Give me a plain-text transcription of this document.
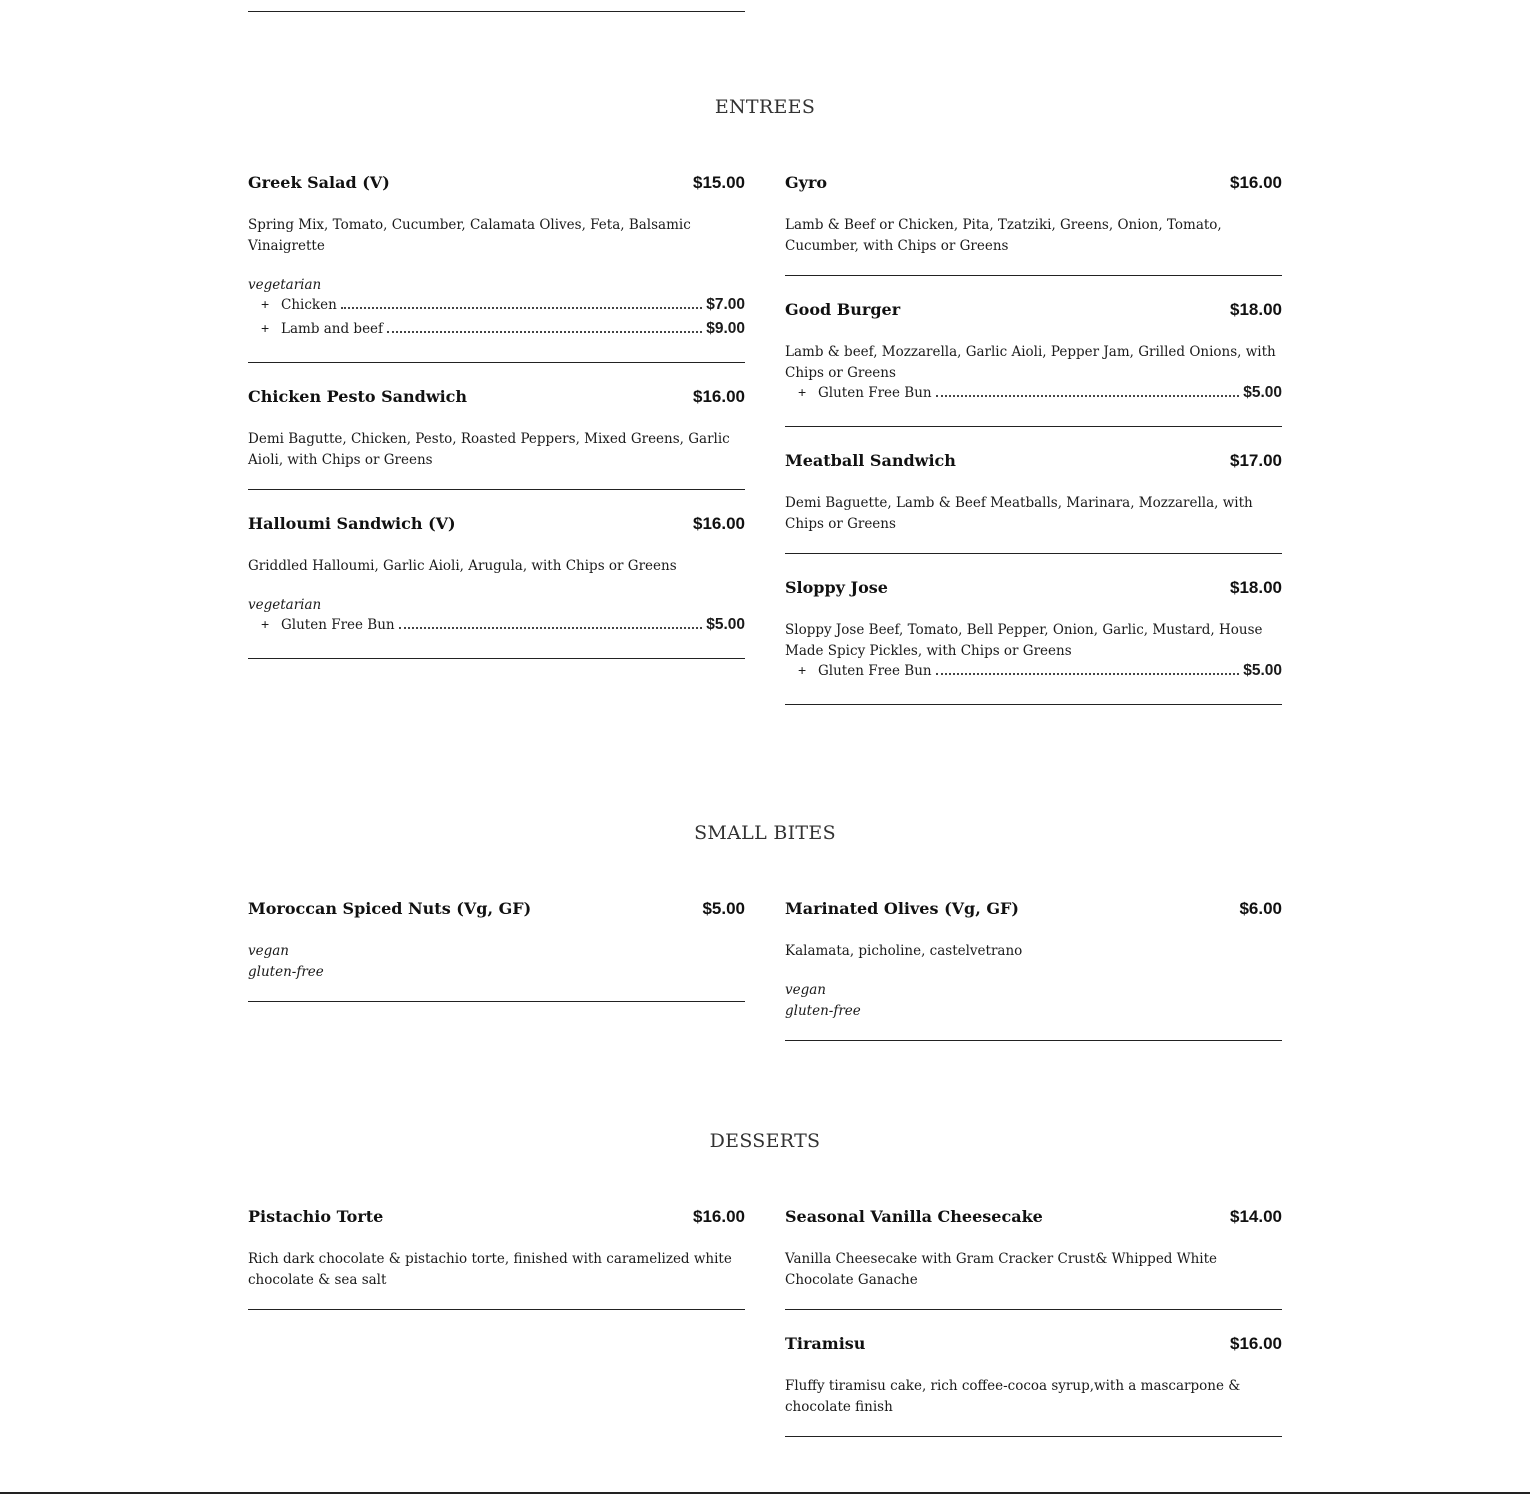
ENTREES
Greek Salad (V)	$15.00
Spring Mix, Tomato, Cucumber, Calamata Olives, Feta, Balsamic Vinaigrette
vegetarian
+ Chicken	$7.00
+ Lamb and beef	$9.00
Chicken Pesto Sandwich	$16.00
Demi Bagutte, Chicken, Pesto, Roasted Peppers, Mixed Greens, Garlic Aioli, with Chips or Greens
Halloumi Sandwich (V)	$16.00
Griddled Halloumi, Garlic Aioli, Arugula, with Chips or Greens
vegetarian
+ Gluten Free Bun	$5.00
Gyro	$16.00
Lamb & Beef or Chicken, Pita, Tzatziki, Greens, Onion, Tomato, Cucumber, with Chips or Greens
Good Burger	$18.00
Lamb & beef, Mozzarella, Garlic Aioli, Pepper Jam, Grilled Onions, with Chips or Greens
+ Gluten Free Bun	$5.00
Meatball Sandwich	$17.00
Demi Baguette, Lamb & Beef Meatballs, Marinara, Mozzarella, with Chips or Greens
Sloppy Jose	$18.00
Sloppy Jose Beef, Tomato, Bell Pepper, Onion, Garlic, Mustard, House Made Spicy Pickles, with Chips or Greens
+ Gluten Free Bun	$5.00
SMALL BITES
Moroccan Spiced Nuts (Vg, GF)	$5.00
vegan
gluten-free
Marinated Olives (Vg, GF)	$6.00
Kalamata, picholine, castelvetrano
vegan
gluten-free
DESSERTS
Pistachio Torte	$16.00
Rich dark chocolate & pistachio torte, finished with caramelized white chocolate & sea salt
Seasonal Vanilla Cheesecake	$14.00
Vanilla Cheesecake with Gram Cracker Crust& Whipped White Chocolate Ganache
Tiramisu	$16.00
Fluffy tiramisu cake, rich coffee-cocoa syrup,with a mascarpone & chocolate finish
